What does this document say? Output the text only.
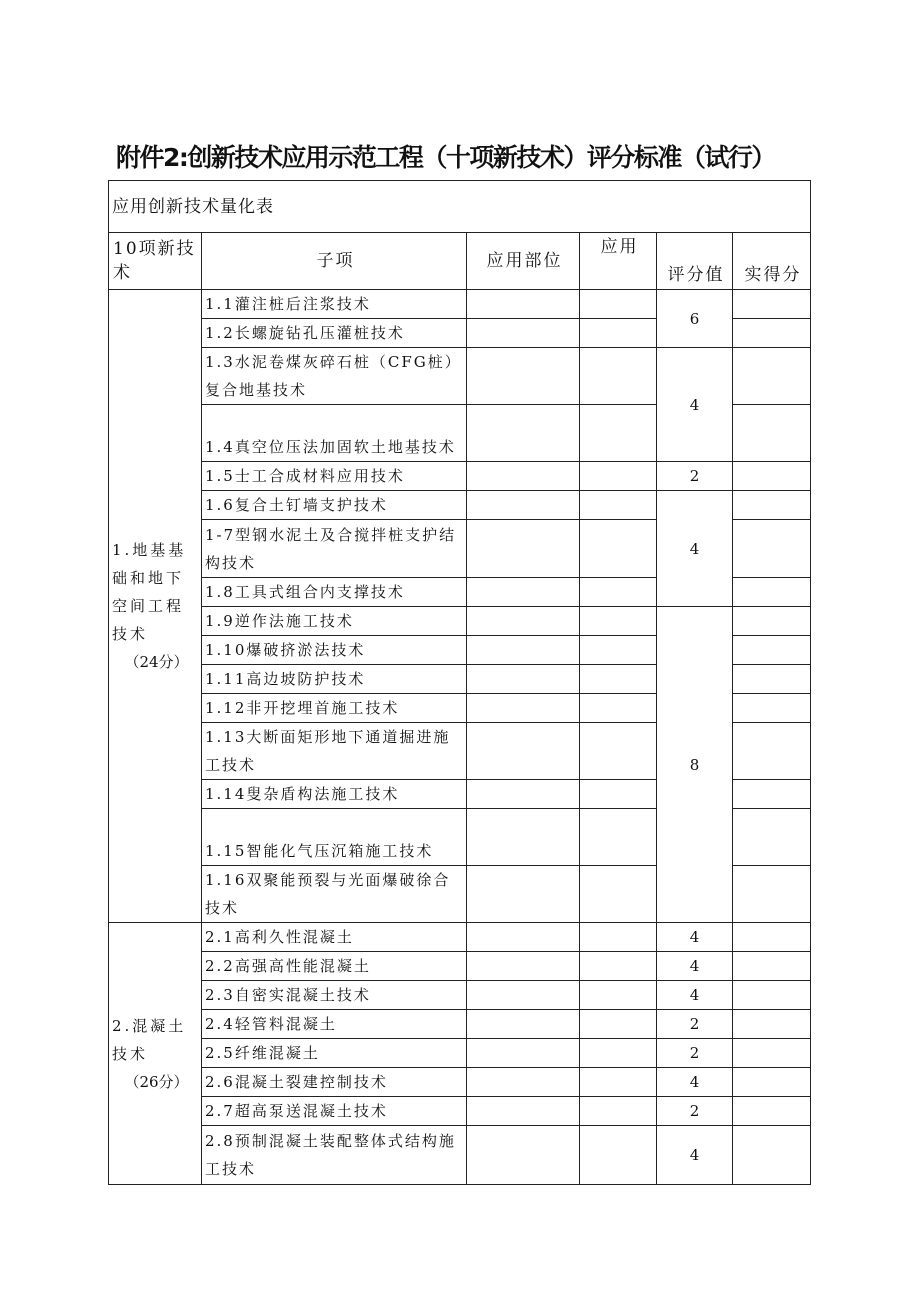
附件2:创新技术应用示范工程（十项新技术）评分标准（试行）
应用创新技术量化表					
10项新技术	子项	应用部位	应用	评分值	实得分
1.地基基础和地下空间工程技术
（24分）	1.1灌注桩后注浆技术			6	
	1.2长螺旋钻孔压灌桩技术				
	1.3水泥卷煤灰碎石桩（CFG桩）复合地基技术			4	
	1.4真空位压法加固软土地基技术				
	1.5士工合成材料应用技术			2	
	1.6复合土钉墙支护技术			4	
	1-7型钢水泥土及合搅拌桩支护结构技术				
	1.8工具式组合内支撑技术				
	1.9逆作法施工技术			8	
	1.10爆破挤淤法技术				
	1.11高边坡防护技术				
	1.12非开挖埋首施工技术				
	1.13大断面矩形地下通道掘进施工技术				
	1.14叟杂盾构法施工技术				
	1.15智能化气压沉箱施工技术				
	1.16双聚能预裂与光面爆破徐合技术				
2.混凝土技术
（26分）	2.1高利久性混凝土			4	
	2.2高强高性能混凝土			4	
	2.3自密实混凝土技术			4	
	2.4轻管料混凝土			2	
	2.5纤维混凝土			2	
	2.6混凝土裂建控制技术			4	
	2.7超高泵送混凝土技术			2	
	2.8预制混凝土装配整体式结构施工技术			4	
